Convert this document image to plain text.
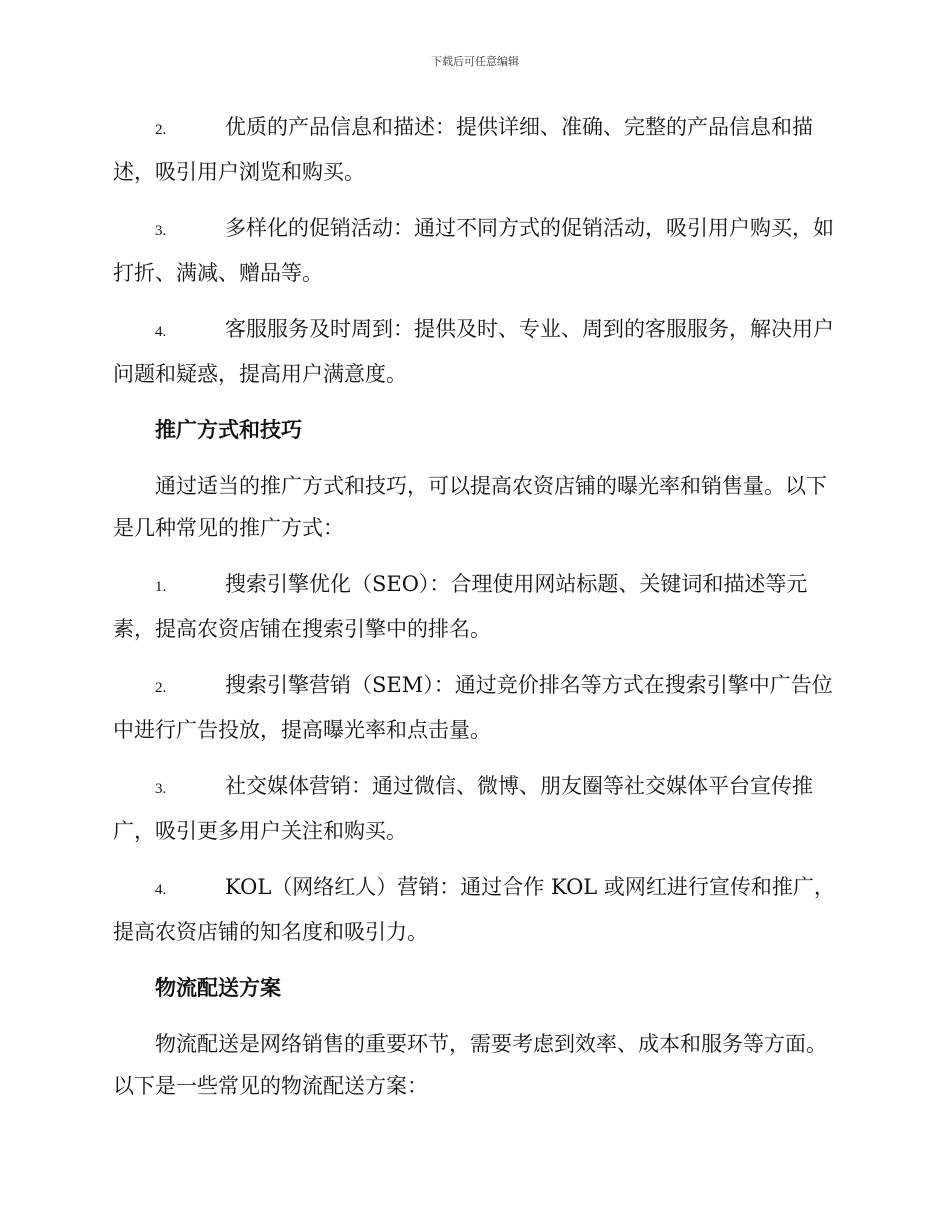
下载后可任意编辑
2.	优质的产品信息和描述：提供详细、准确、完整的产品信息和描述，吸引用户浏览和购买。
3.	多样化的促销活动：通过不同方式的促销活动，吸引用户购买，如打折、满减、赠品等。
4.	客服服务及时周到：提供及时、专业、周到的客服服务，解决用户问题和疑惑，提高用户满意度。
推广方式和技巧
通过适当的推广方式和技巧，可以提高农资店铺的曝光率和销售量。以下是几种常见的推广方式：
1.	搜索引擎优化（SEO）：合理使用网站标题、关键词和描述等元素，提高农资店铺在搜索引擎中的排名。
2.	搜索引擎营销（SEM）：通过竞价排名等方式在搜索引擎中广告位中进行广告投放，提高曝光率和点击量。
3.	社交媒体营销：通过微信、微博、朋友圈等社交媒体平台宣传推广，吸引更多用户关注和购买。
4.	KOL（网络红人）营销：通过合作 KOL 或网红进行宣传和推广，提高农资店铺的知名度和吸引力。
物流配送方案
物流配送是网络销售的重要环节，需要考虑到效率、成本和服务等方面。以下是一些常见的物流配送方案：
